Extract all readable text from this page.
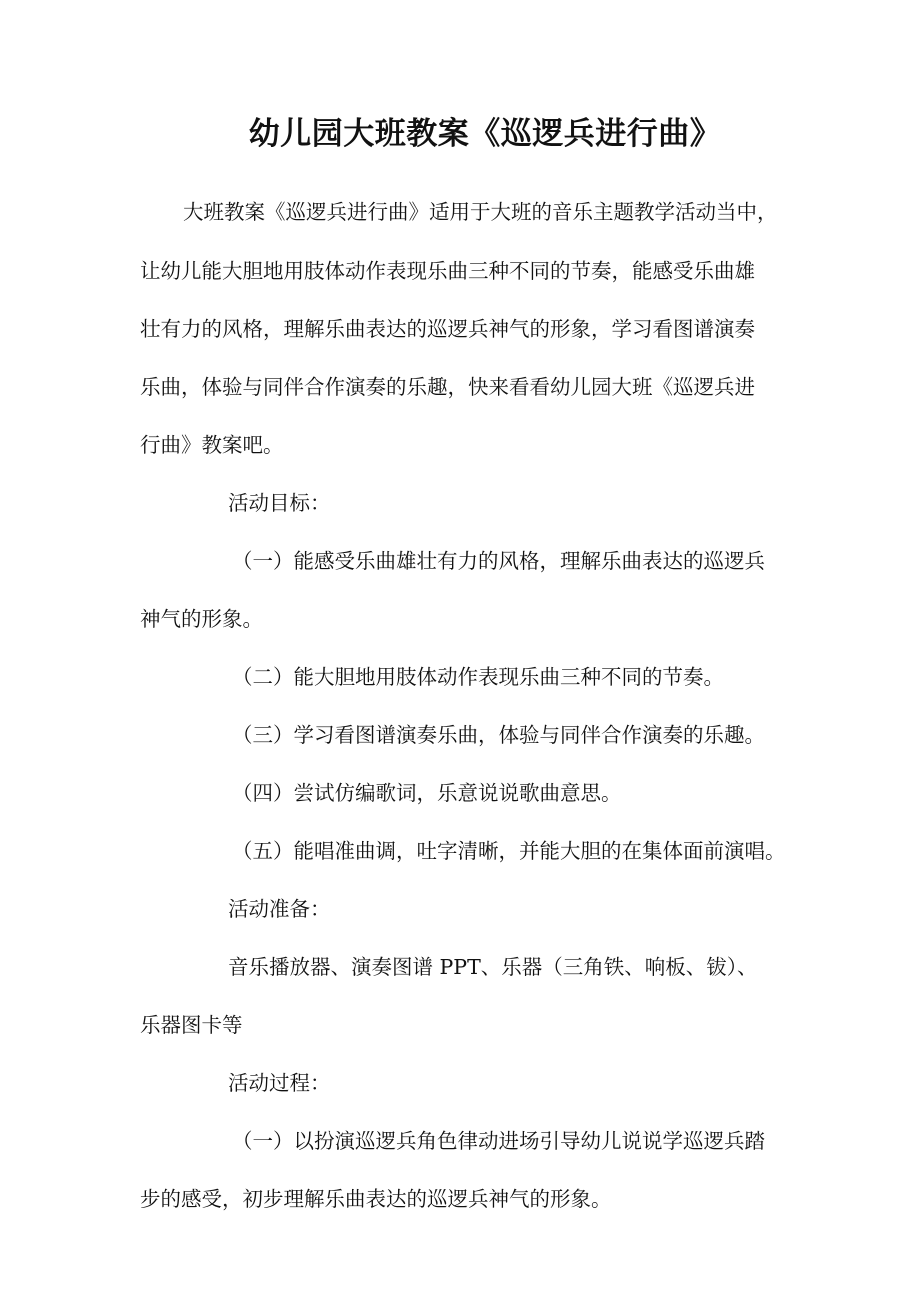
幼儿园大班教案《巡逻兵进行曲》

大班教案《巡逻兵进行曲》适用于大班的音乐主题教学活动当中，

让幼儿能大胆地用肢体动作表现乐曲三种不同的节奏，能感受乐曲雄

壮有力的风格，理解乐曲表达的巡逻兵神气的形象，学习看图谱演奏

乐曲，体验与同伴合作演奏的乐趣，快来看看幼儿园大班《巡逻兵进

行曲》教案吧。

活动目标：

（一）能感受乐曲雄壮有力的风格，理解乐曲表达的巡逻兵

神气的形象。

（二）能大胆地用肢体动作表现乐曲三种不同的节奏。

（三）学习看图谱演奏乐曲，体验与同伴合作演奏的乐趣。

（四）尝试仿编歌词，乐意说说歌曲意思。

（五）能唱准曲调，吐字清晰，并能大胆的在集体面前演唱。

活动准备：

音乐播放器、演奏图谱 PPT、乐器（三角铁、响板、钹）、

乐器图卡等

活动过程：

（一）以扮演巡逻兵角色律动进场引导幼儿说说学巡逻兵踏

步的感受，初步理解乐曲表达的巡逻兵神气的形象。
